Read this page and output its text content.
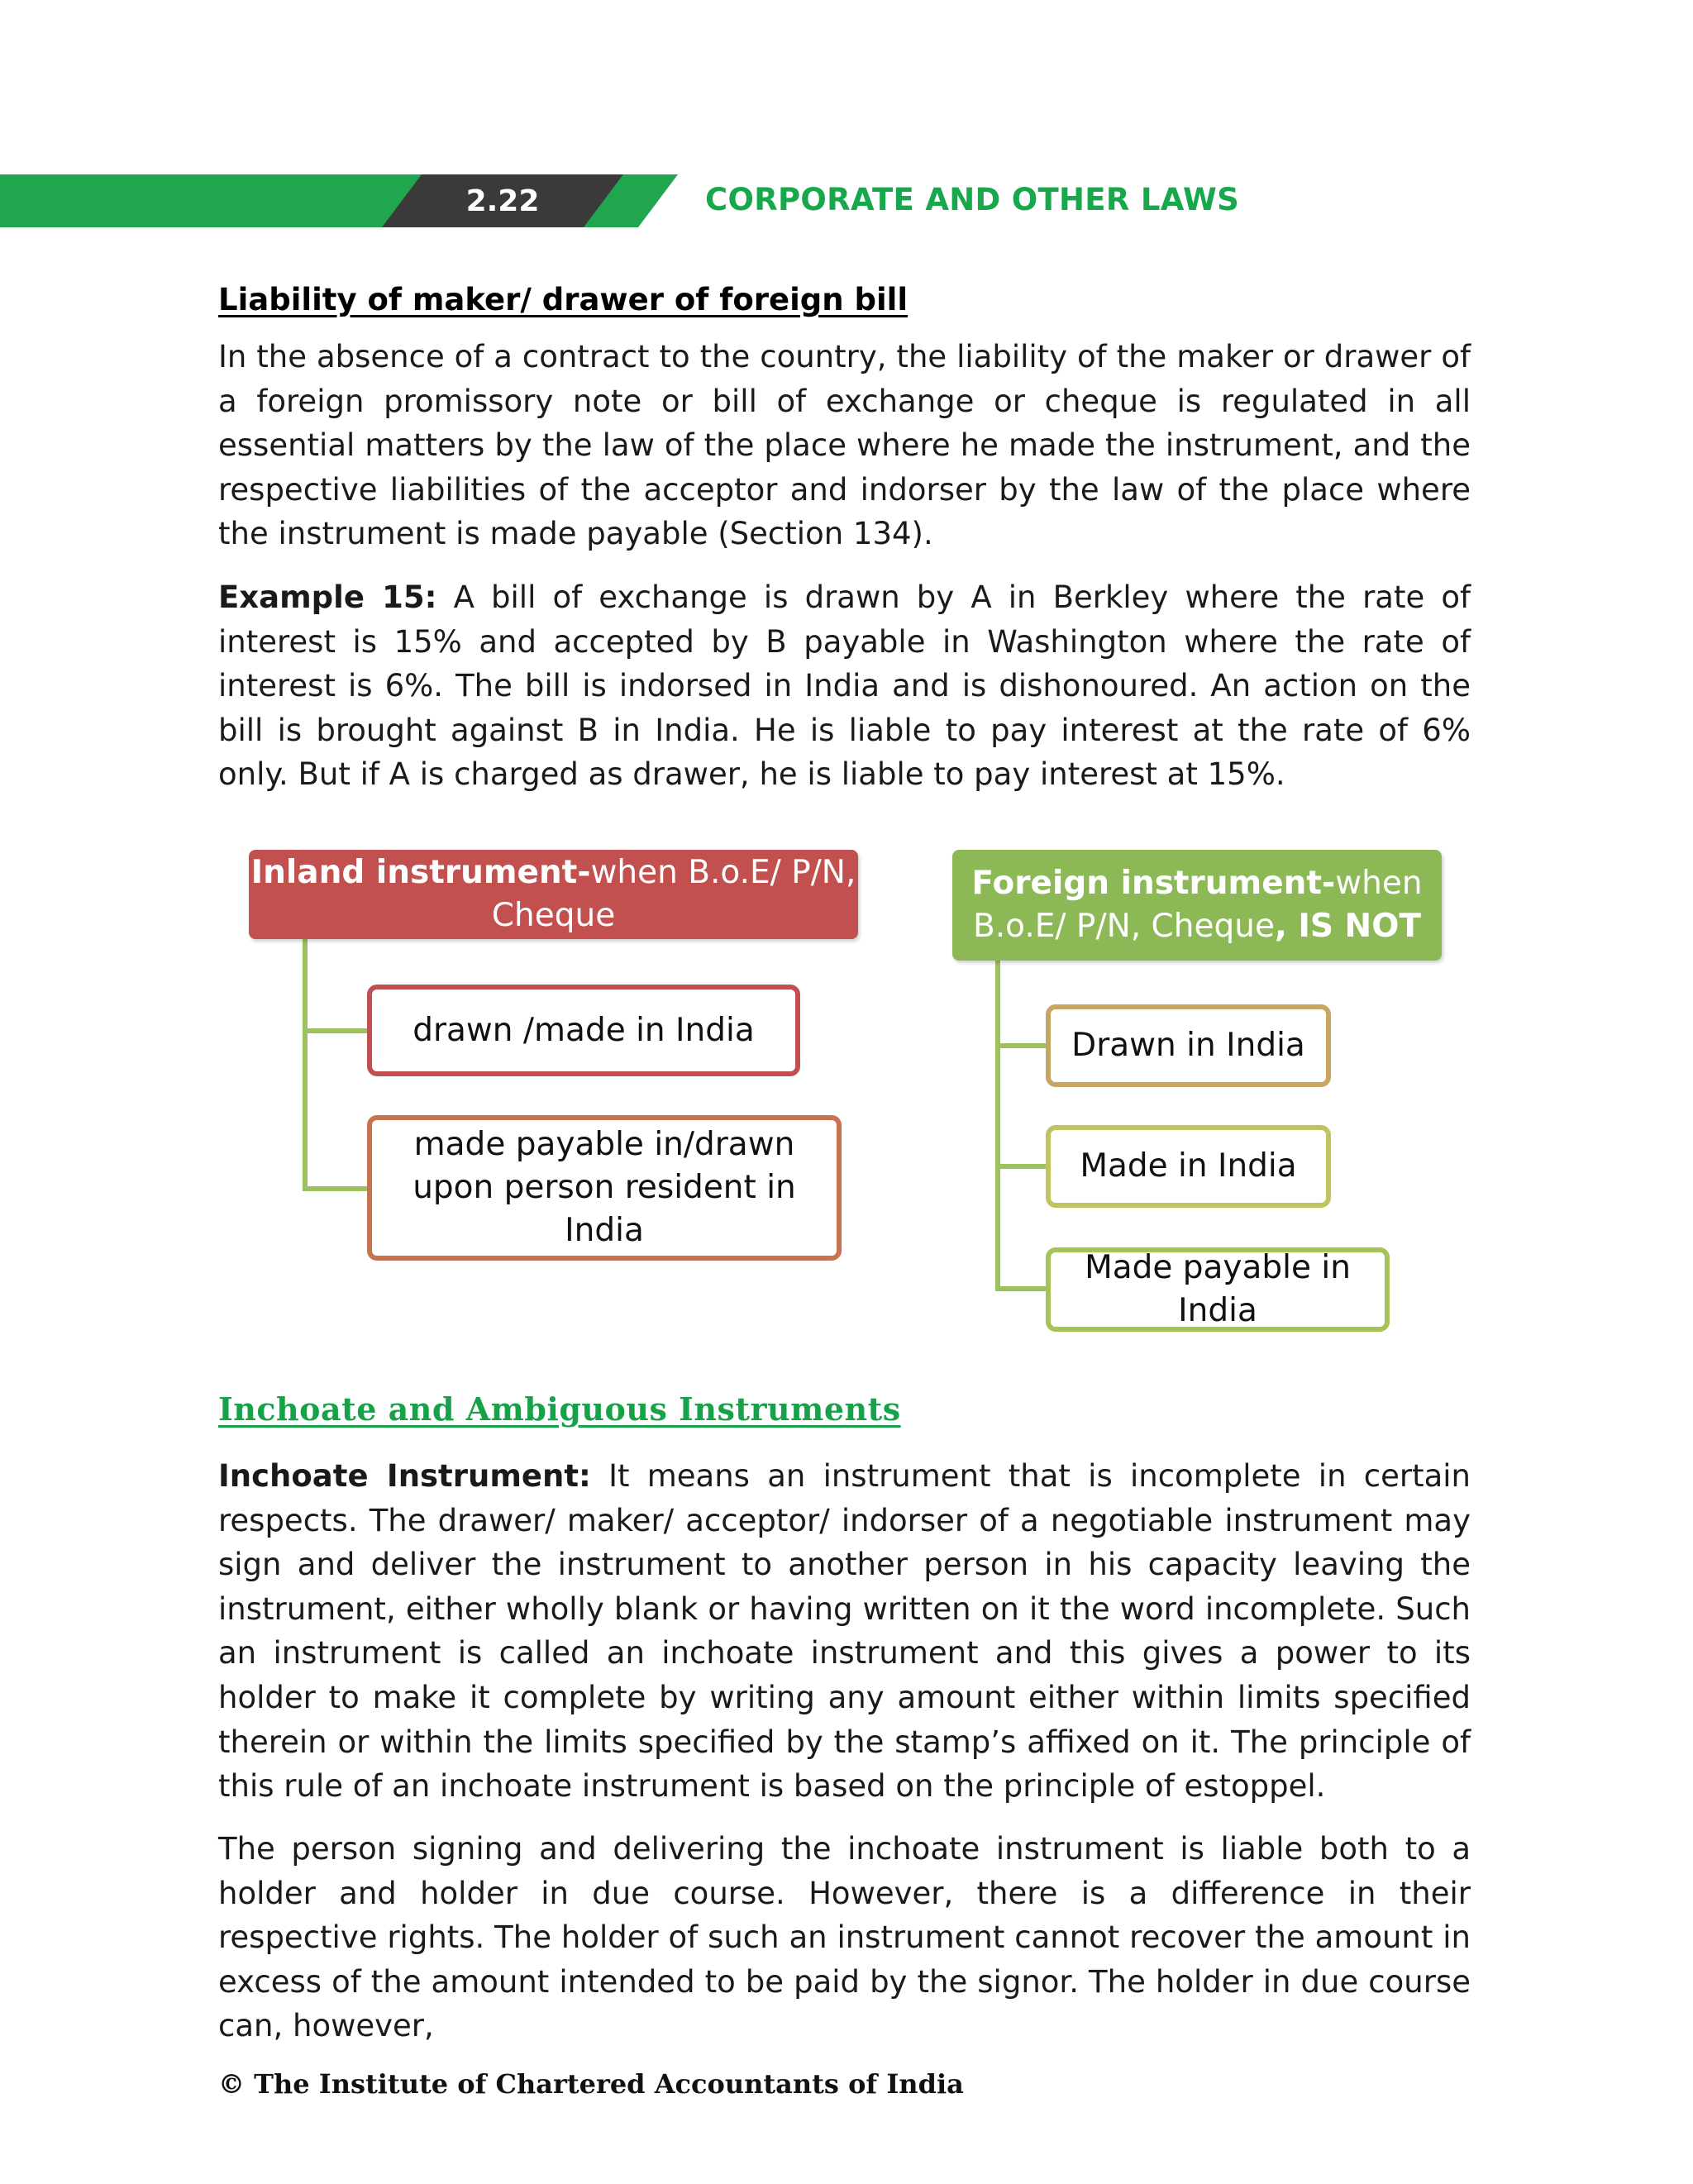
2.22	CORPORATE AND OTHER LAWS
Liability of maker/ drawer of foreign bill

In the absence of a contract to the country, the liability of the maker or drawer of a foreign promissory note or bill of exchange or cheque is regulated in all essential matters by the law of the place where he made the instrument, and the respective liabilities of the acceptor and indorser by the law of the place where the instrument is made payable (Section 134).

Example 15: A bill of exchange is drawn by A in Berkley where the rate of interest is 15% and accepted by B payable in Washington where the rate of interest is 6%. The bill is indorsed in India and is dishonoured. An action on the bill is brought against B in India. He is liable to pay interest at the rate of 6% only. But if A is charged as drawer, he is liable to pay interest at 15%.

Inland instrument-when B.o.E/ P/N, Cheque
drawn /made in India
made payable in/drawn upon person resident in India
Foreign instrument-when B.o.E/ P/N, Cheque, IS NOT
Drawn in India
Made in India
Made payable in India
Inchoate and Ambiguous Instruments

Inchoate Instrument: It means an instrument that is incomplete in certain respects. The drawer/ maker/ acceptor/ indorser of a negotiable instrument may sign and deliver the instrument to another person in his capacity leaving the instrument, either wholly blank or having written on it the word incomplete. Such an instrument is called an inchoate instrument and this gives a power to its holder to make it complete by writing any amount either within limits specified therein or within the limits specified by the stamp’s affixed on it. The principle of this rule of an inchoate instrument is based on the principle of estoppel.

The person signing and delivering the inchoate instrument is liable both to a holder and holder in due course. However, there is a difference in their respective rights. The holder of such an instrument cannot recover the amount in excess of the amount intended to be paid by the signor. The holder in due course can, however,

© The Institute of Chartered Accountants of India
